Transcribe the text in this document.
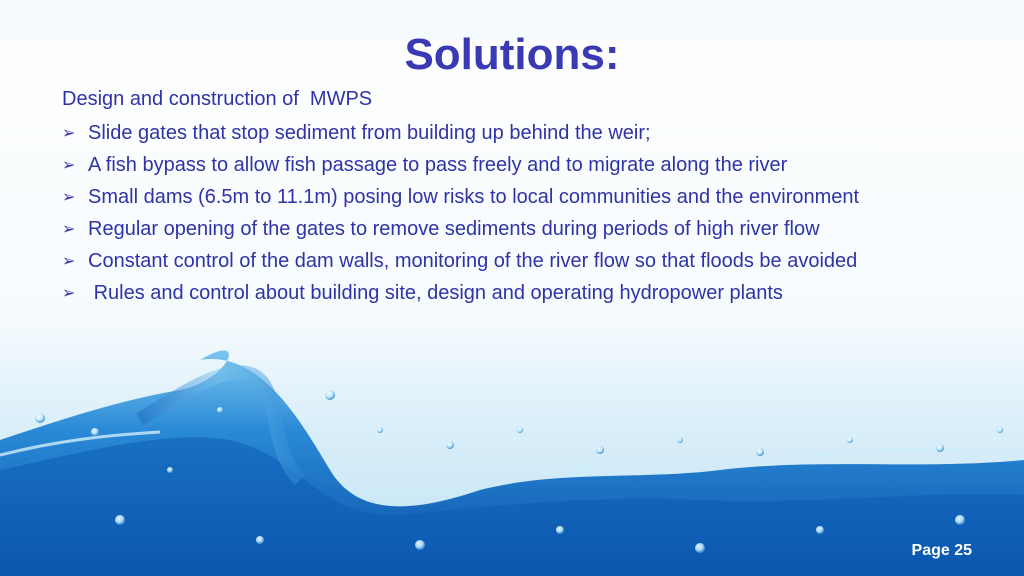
Solutions:
Design and construction of  MWPS
➢ Slide gates that stop sediment from building up behind the weir;
➢ A fish bypass to allow fish passage to pass freely and to migrate along the river
➢ Small dams (6.5m to 11.1m) posing low risks to local communities and the environment
➢ Regular opening of the gates to remove sediments during periods of high river flow
➢ Constant control of the dam walls, monitoring of the river flow so that floods be avoided
➢ Rules and control about building site, design and operating hydropower plants
Page 25
